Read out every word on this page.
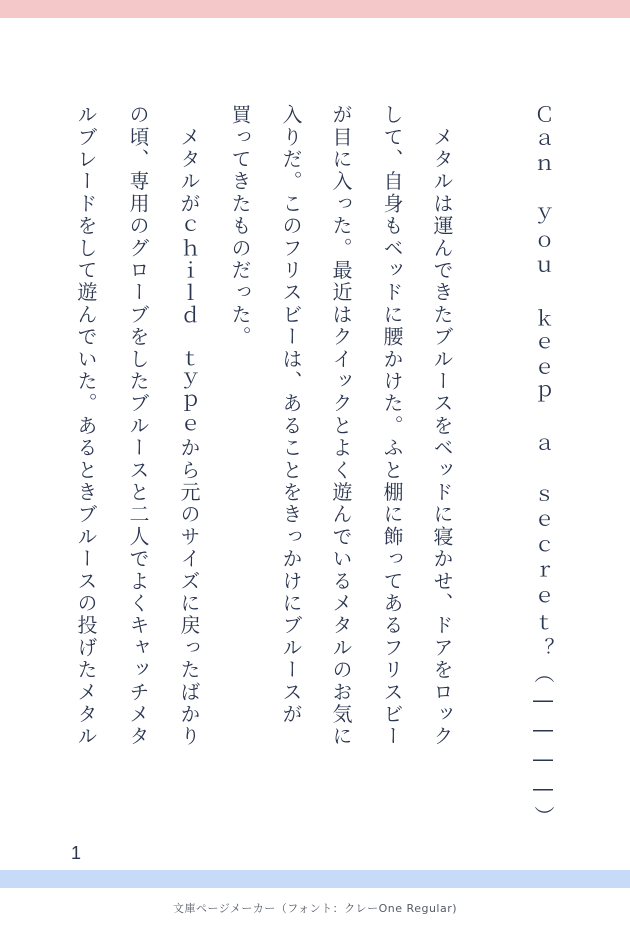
Ｃａｎ　ｙｏｕ　ｋｅｅｐ　ａ　ｓｅｃｒｅｔ？（――――）
　メタルは運んできたブルースをベッドに寝かせ、ドアをロック
して、自身もベッドに腰かけた。ふと棚に飾ってあるフリスビー
が目に入った。最近はクイックとよく遊んでいるメタルのお気に
入りだ。このフリスビーは、あることをきっかけにブルースが
買ってきたものだった。
　メタルがｃｈｉｌｄ　ｔｙｐｅから元のサイズに戻ったばかり
の頃、専用のグローブをしたブルースと二人でよくキャッチメタ
ルブレードをして遊んでいた。あるときブルースの投げたメタル
1
文庫ページメーカー（フォント：クレーOne Regular)
